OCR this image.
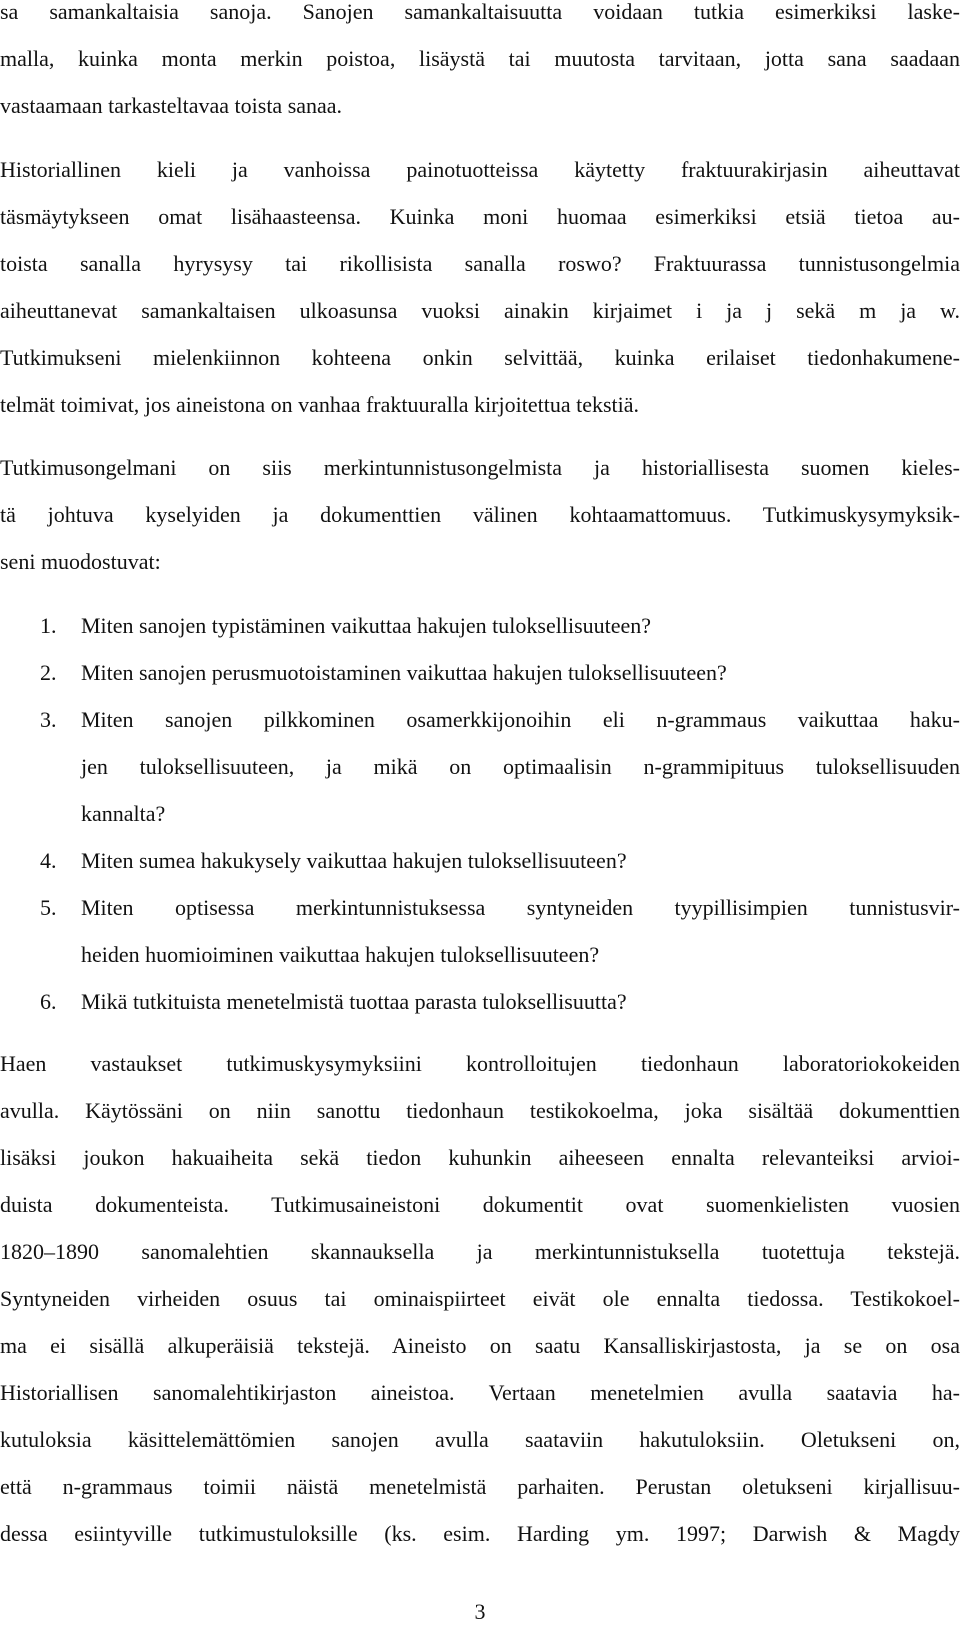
sa samankaltaisia sanoja. Sanojen samankaltaisuutta voidaan tutkia esimerkiksi laske-
malla, kuinka monta merkin poistoa, lisäystä tai muutosta tarvitaan, jotta sana saadaan
vastaamaan tarkasteltavaa toista sanaa.
Historiallinen kieli ja vanhoissa painotuotteissa käytetty fraktuurakirjasin aiheuttavat
täsmäytykseen omat lisähaasteensa. Kuinka moni huomaa esimerkiksi etsiä tietoa au-
toista sanalla hyrysysy tai rikollisista sanalla roswo? Fraktuurassa tunnistusongelmia
aiheuttanevat samankaltaisen ulkoasunsa vuoksi ainakin kirjaimet i ja j sekä m ja w.
Tutkimukseni mielenkiinnon kohteena onkin selvittää, kuinka erilaiset tiedonhakumene-
telmät toimivat, jos aineistona on vanhaa fraktuuralla kirjoitettua tekstiä.
Tutkimusongelmani on siis merkintunnistusongelmista ja historiallisesta suomen kieles-
tä johtuva kyselyiden ja dokumenttien välinen kohtaamattomuus. Tutkimuskysymyksik-
seni muodostuvat:
1. Miten sanojen typistäminen vaikuttaa hakujen tuloksellisuuteen?
2. Miten sanojen perusmuotoistaminen vaikuttaa hakujen tuloksellisuuteen?
3. Miten sanojen pilkkominen osamerkkijonoihin eli n-grammaus vaikuttaa haku-
jen tuloksellisuuteen, ja mikä on optimaalisin n-grammipituus tuloksellisuuden
kannalta?
4. Miten sumea hakukysely vaikuttaa hakujen tuloksellisuuteen?
5. Miten optisessa merkintunnistuksessa syntyneiden tyypillisimpien tunnistusvir-
heiden huomioiminen vaikuttaa hakujen tuloksellisuuteen?
6. Mikä tutkituista menetelmistä tuottaa parasta tuloksellisuutta?
Haen vastaukset tutkimuskysymyksiini kontrolloitujen tiedonhaun laboratoriokokeiden
avulla. Käytössäni on niin sanottu tiedonhaun testikokoelma, joka sisältää dokumenttien
lisäksi joukon hakuaiheita sekä tiedon kuhunkin aiheeseen ennalta relevanteiksi arvioi-
duista dokumenteista. Tutkimusaineistoni dokumentit ovat suomenkielisten vuosien
1820–1890 sanomalehtien skannauksella ja merkintunnistuksella tuotettuja tekstejä.
Syntyneiden virheiden osuus tai ominaispiirteet eivät ole ennalta tiedossa. Testikokoel-
ma ei sisällä alkuperäisiä tekstejä. Aineisto on saatu Kansalliskirjastosta, ja se on osa
Historiallisen sanomalehtikirjaston aineistoa. Vertaan menetelmien avulla saatavia ha-
kutuloksia käsittelemättömien sanojen avulla saataviin hakutuloksiin. Oletukseni on,
että n-grammaus toimii näistä menetelmistä parhaiten. Perustan oletukseni kirjallisuu-
dessa esiintyville tutkimustuloksille (ks. esim. Harding ym. 1997; Darwish & Magdy
3
